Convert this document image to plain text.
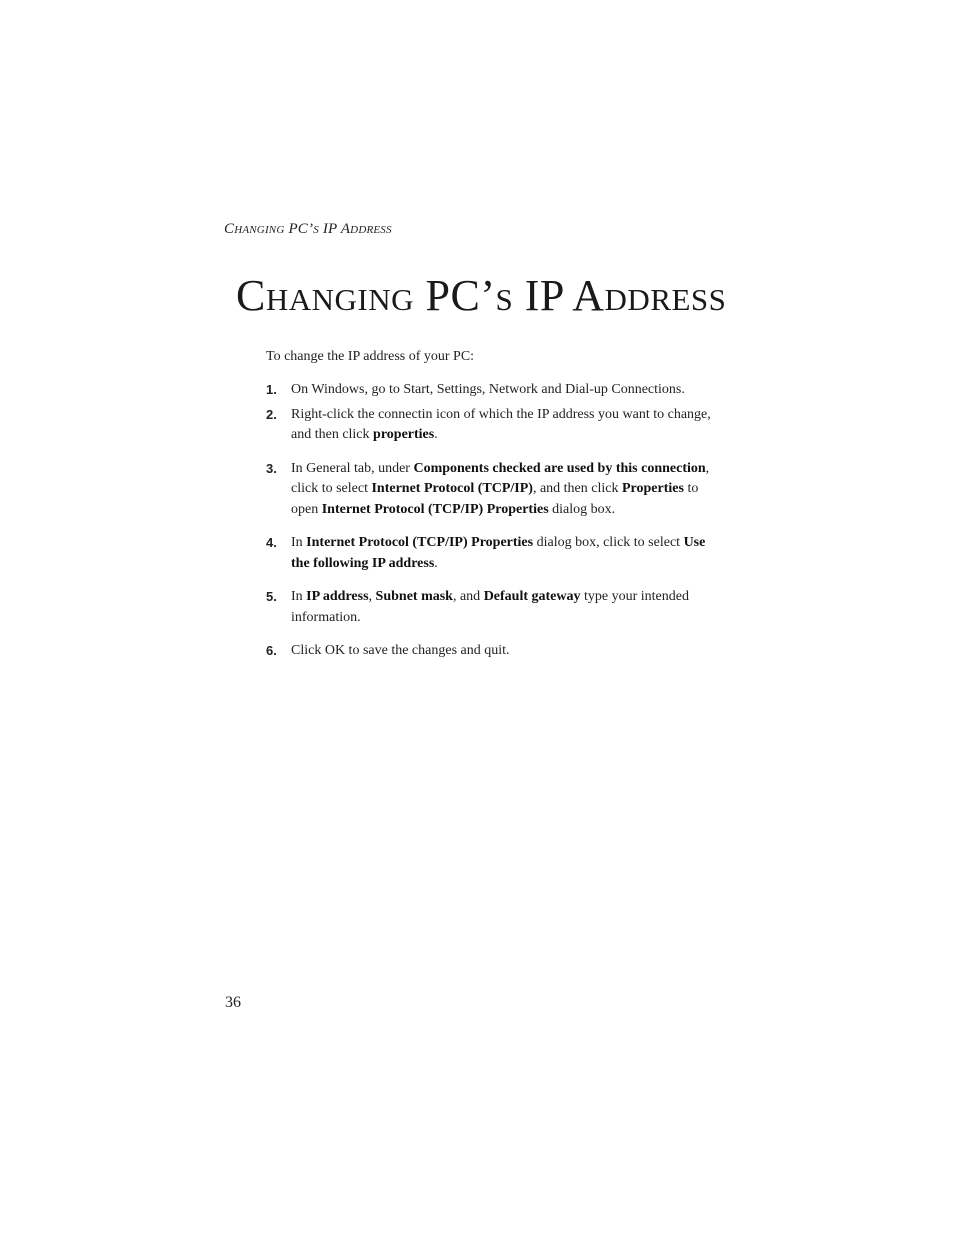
Changing PC’s IP Address
Changing PC’s IP Address

To change the IP address of your PC:

1. On Windows, go to Start, Settings, Network and Dial-up Connections.
2. Right-click the connectin icon of which the IP address you want to change, and then click properties.
3. In General tab, under Components checked are used by this connection, click to select Internet Protocol (TCP/IP), and then click Properties to open Internet Protocol (TCP/IP) Properties dialog box.
4. In Internet Protocol (TCP/IP) Properties dialog box, click to select Use the following IP address.
5. In IP address, Subnet mask, and Default gateway type your intended information.
6. Click OK to save the changes and quit.
36
